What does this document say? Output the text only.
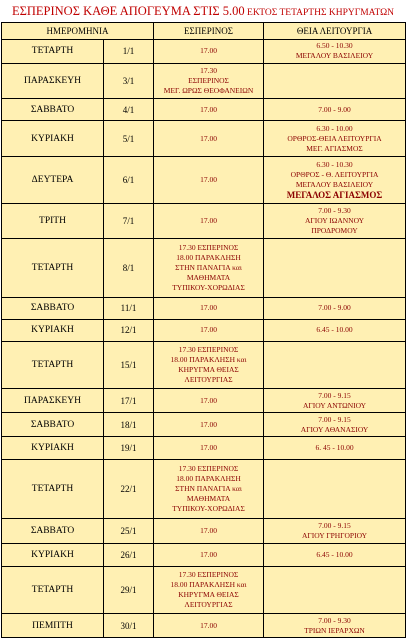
ΕΣΠΕΡΙΝΟΣ ΚΑΘΕ ΑΠΟΓΕΥΜΑ ΣΤΙΣ 5.00 ΕΚΤΟΣ ΤΕΤΑΡΤΗΣ ΚΗΡΥΓΜΑΤΩΝ
ΗΜΕΡΟΜΗΝΙΑ		ΕΣΠΕΡΙΝΟΣ	ΘΕΙΑ ΛΕΙΤΟΥΡΓΙΑ
ΤΕΤΑΡΤΗ	1/1	17.00	6.50 - 10.30
ΜΕΓΑΛΟΥ ΒΑΣΙΛΕΙΟΥ

ΠΑΡΑΣΚΕΥΗ	3/1	17.30
ΕΣΠΕΡΙΝΟΣ
ΜΕΓ. ΩΡΩΣ ΘΕΟΦΑΝΕΙΩΝ	

ΣΑΒΒΑΤΟ	4/1	17.00	7.00 - 9.00

ΚΥΡΙΑΚΗ	5/1	17.00	6.30 - 10.00
ΟΡΘΡΟΣ-ΘΕΙΑ ΛΕΙΤΟΥΡΓΙΑ
ΜΕΓ. ΑΓΙΑΣΜΟΣ

ΔΕΥΤΕΡΑ	6/1	17.00	6.30 - 10.30
ΟΡΘΡΟΣ - Θ. ΛΕΙΤΟΥΡΓΙΑ
ΜΕΓΑΛΟΥ ΒΑΣΙΛΕΙΟΥ
ΜΕΓΑΛΟΣ ΑΓΙΑΣΜΟΣ

ΤΡΙΤΗ	7/1	17.00	7.00 - 9.30
ΑΓΙΟΥ ΙΩΑΝΝΟΥ
ΠΡΟΔΡΟΜΟΥ

ΤΕΤΑΡΤΗ	8/1	17.30 ΕΣΠΕΡΙΝΟΣ
18.00 ΠΑΡΑΚΛΗΣΗ
ΣΤΗΝ ΠΑΝΑΓΙΑ και
ΜΑΘΗΜΑΤΑ
ΤΥΠΙΚΟΥ-ΧΟΡΩΔΙΑΣ	

ΣΑΒΒΑΤΟ	11/1	17.00	7.00 - 9.00

ΚΥΡΙΑΚΗ	12/1	17.00	6.45 - 10.00

ΤΕΤΑΡΤΗ	15/1	17.30 ΕΣΠΕΡΙΝΟΣ
18.00 ΠΑΡΑΚΛΗΣΗ και
ΚΗΡΥΓΜΑ ΘΕΙΑΣ
ΛΕΙΤΟΥΡΓΙΑΣ	

ΠΑΡΑΣΚΕΥΗ	17/1	17.00	7.00 - 9.15
ΑΓΙΟΥ ΑΝΤΩΝΙΟΥ

ΣΑΒΒΑΤΟ	18/1	17.00	7.00 - 9.15
ΑΓΙΟΥ ΑΘΑΝΑΣΙΟΥ

ΚΥΡΙΑΚΗ	19/1	17.00	6. 45 - 10.00

ΤΕΤΑΡΤΗ	22/1	17.30 ΕΣΠΕΡΙΝΟΣ
18.00 ΠΑΡΑΚΛΗΣΗ
ΣΤΗΝ ΠΑΝΑΓΙΑ και
ΜΑΘΗΜΑΤΑ
ΤΥΠΙΚΟΥ-ΧΟΡΩΔΙΑΣ	

ΣΑΒΒΑΤΟ	25/1	17.00	7.00 - 9.15
ΑΓΙΟΥ ΓΡΗΓΟΡΙΟΥ

ΚΥΡΙΑΚΗ	26/1	17.00	6.45 - 10.00

ΤΕΤΑΡΤΗ	29/1	17.30 ΕΣΠΕΡΙΝΟΣ
18.00 ΠΑΡΑΚΛΗΣΗ και
ΚΗΡΥΓΜΑ ΘΕΙΑΣ
ΛΕΙΤΟΥΡΓΙΑΣ	

ΠΕΜΠΤΗ	30/1	17.00	7.00 - 9.30
ΤΡΙΩΝ ΙΕΡΑΡΧΩΝ
